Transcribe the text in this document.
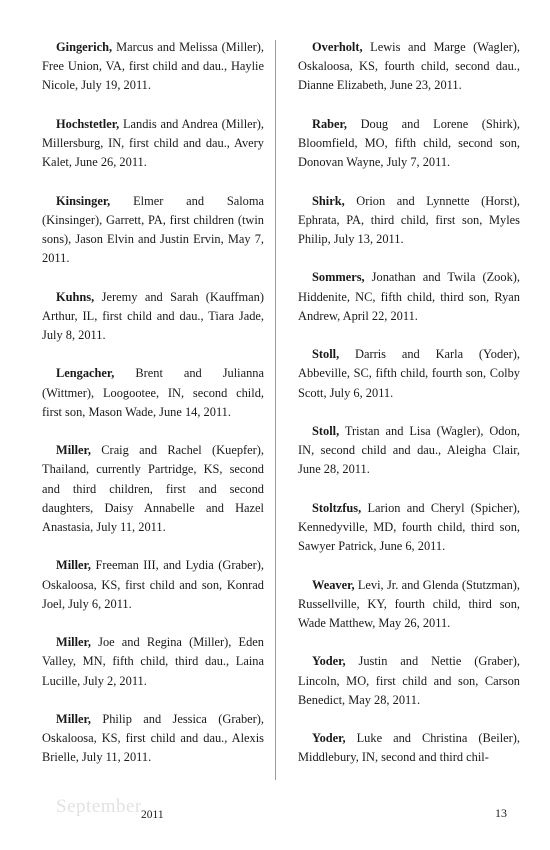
Gingerich, Marcus and Melissa (Miller), Free Union, VA, first child and dau., Haylie Nicole, July 19, 2011.

Hochstetler, Landis and Andrea (Miller), Millersburg, IN, first child and dau., Avery Kalet, June 26, 2011.

Kinsinger, Elmer and Saloma (Kinsinger), Garrett, PA, first children (twin sons), Jason Elvin and Justin Ervin, May 7, 2011.

Kuhns, Jeremy and Sarah (Kauffman) Arthur, IL, first child and dau., Tiara Jade, July 8, 2011.

Lengacher, Brent and Julianna (Wittmer), Loogootee, IN, second child, first son, Mason Wade, June 14, 2011.

Miller, Craig and Rachel (Kuepfer), Thailand, currently Partridge, KS, second and third children, first and second daughters, Daisy Annabelle and Hazel Anastasia, July 11, 2011.

Miller, Freeman III, and Lydia (Graber), Oskaloosa, KS, first child and son, Konrad Joel, July 6, 2011.

Miller, Joe and Regina (Miller), Eden Valley, MN, fifth child, third dau., Laina Lucille, July 2, 2011.

Miller, Philip and Jessica (Graber), Oskaloosa, KS, first child and dau., Alexis Brielle, July 11, 2011.

Overholt, Lewis and Marge (Wagler), Oskaloosa, KS, fourth child, second dau., Dianne Elizabeth, June 23, 2011.

Raber, Doug and Lorene (Shirk), Bloomfield, MO, fifth child, second son, Donovan Wayne, July 7, 2011.

Shirk, Orion and Lynnette (Horst), Ephrata, PA, third child, first son, Myles Philip, July 13, 2011.

Sommers, Jonathan and Twila (Zook), Hiddenite, NC, fifth child, third son, Ryan Andrew, April 22, 2011.

Stoll, Darris and Karla (Yoder), Abbeville, SC, fifth child, fourth son, Colby Scott, July 6, 2011.

Stoll, Tristan and Lisa (Wagler), Odon, IN, second child and dau., Aleigha Clair, June 28, 2011.

Stoltzfus, Larion and Cheryl (Spicher), Kennedyville, MD, fourth child, third son, Sawyer Patrick, June 6, 2011.

Weaver, Levi, Jr. and Glenda (Stutzman), Russellville, KY, fourth child, third son, Wade Matthew, May 26, 2011.

Yoder, Justin and Nettie (Graber), Lincoln, MO, first child and son, Carson Benedict, May 28, 2011.

Yoder, Luke and Christina (Beiler), Middlebury, IN, second and third chil-

September 2011	13
